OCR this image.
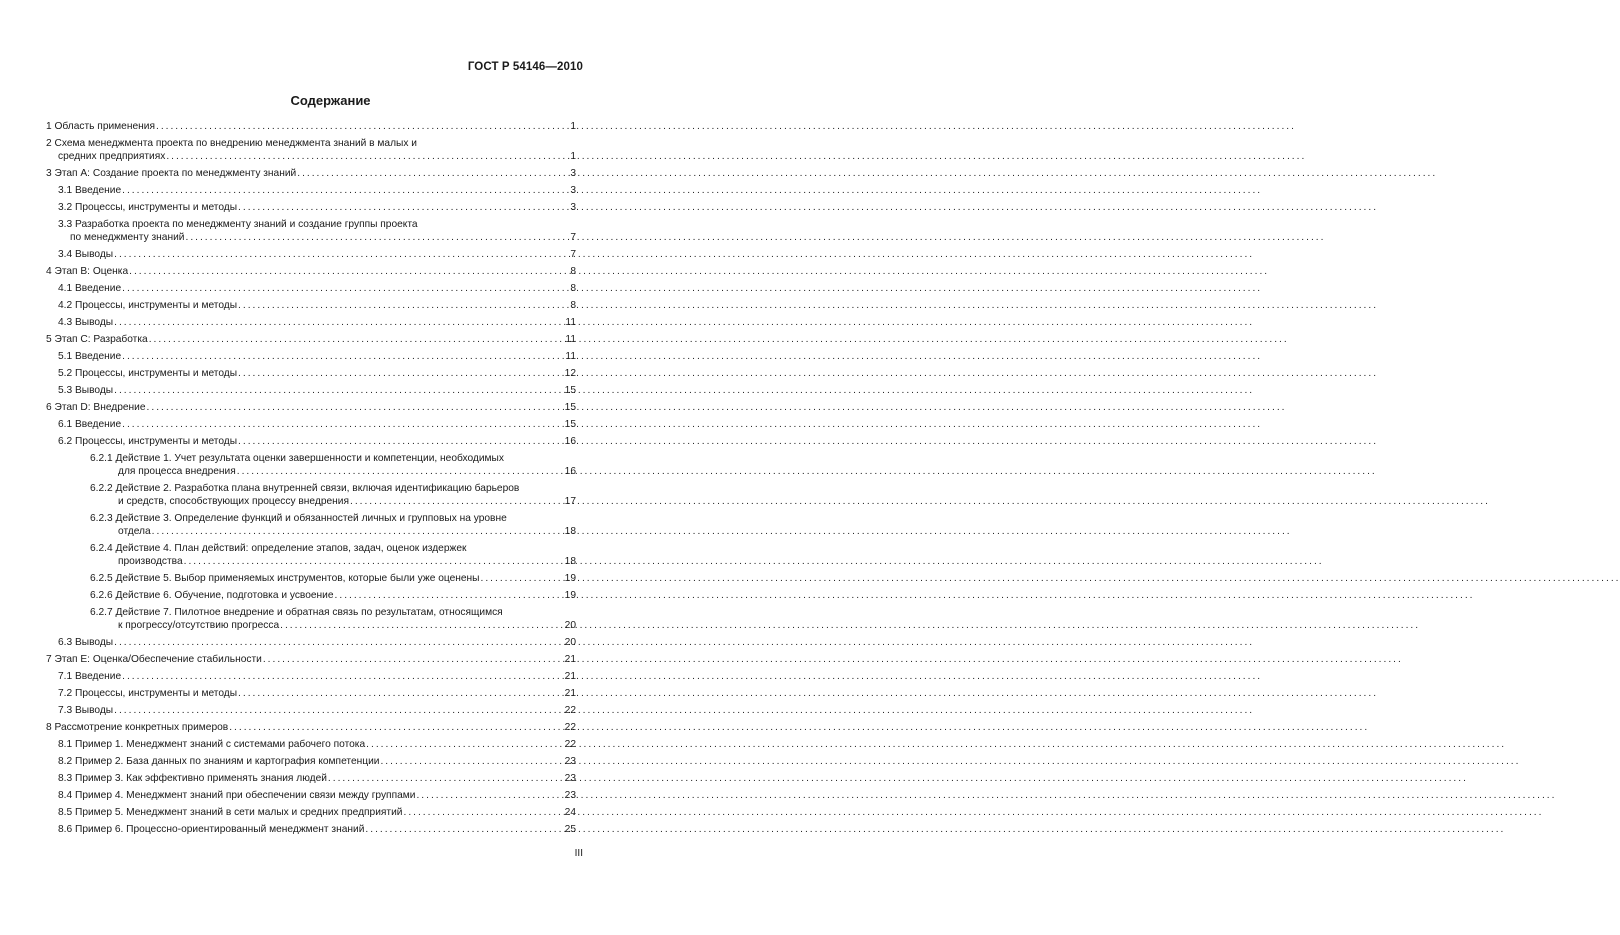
ГОСТ Р 54146—2010
Содержание
1 Область применения .....	1
2 Схема менеджмента проекта по внедрению менеджмента знаний в малых и
средних предприятиях .....	1
3 Этап А: Создание проекта по менеджменту знаний .....	3
3.1 Введение .....	3
3.2 Процессы, инструменты и методы .....	3
3.3 Разработка проекта по менеджменту знаний и создание группы проекта
по менеджменту знаний .....	7
3.4 Выводы .....	7
4 Этап В: Оценка .....	8
4.1 Введение .....	8
4.2 Процессы, инструменты и методы .....	8
4.3 Выводы .....	11
5 Этап С: Разработка .....	11
5.1 Введение .....	11
5.2 Процессы, инструменты и методы .....	12
5.3 Выводы .....	15
6 Этап D: Внедрение .....	15
6.1 Введение .....	15
6.2 Процессы, инструменты и методы .....	16
6.2.1 Действие 1. Учет результата оценки завершенности и компетенции, необходимых
для процесса внедрения .....	16
6.2.2 Действие 2. Разработка плана внутренней связи, включая идентификацию барьеров
и средств, способствующих процессу внедрения .....	17
6.2.3 Действие 3. Определение функций и обязанностей личных и групповых на уровне
отдела .....	18
6.2.4 Действие 4. План действий: определение этапов, задач, оценок издержек
производства .....	18
6.2.5 Действие 5. Выбор применяемых инструментов, которые были уже оценены .....	19
6.2.6 Действие 6. Обучение, подготовка и усвоение .....	19
6.2.7 Действие 7. Пилотное внедрение и обратная связь по результатам, относящимся
к прогрессу/отсутствию прогресса .....	20
6.3 Выводы .....	20
7 Этап Е: Оценка/Обеспечение стабильности .....	21
7.1 Введение .....	21
7.2 Процессы, инструменты и методы .....	21
7.3 Выводы .....	22
8 Рассмотрение конкретных примеров .....	22
8.1 Пример 1. Менеджмент знаний с системами рабочего потока .....	22
8.2 Пример 2. База данных по знаниям и картография компетенции .....	23
8.3 Пример 3. Как эффективно применять знания людей .....	23
8.4 Пример 4. Менеджмент знаний при обеспечении связи между группами .....	23
8.5 Пример 5. Менеджмент знаний в сети малых и средних предприятий .....	24
8.6 Пример 6. Процессно-ориентированный менеджмент знаний .....	25
III
